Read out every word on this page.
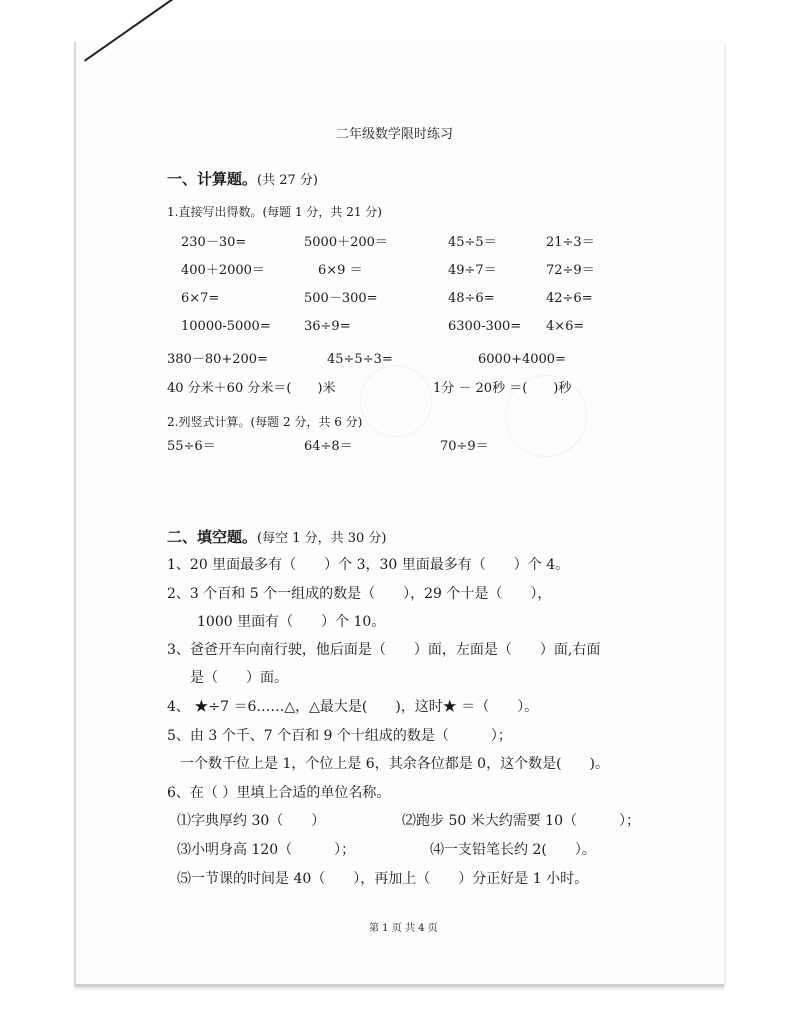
二年级数学限时练习
一、计算题。(共 27 分)
1.直接写出得数。(每题 1 分，共 21 分)
230－30=	5000＋200＝	45÷5＝	21÷3＝
400＋2000＝	6×9 ＝	49÷7＝	72÷9＝
6×7=	500－300=	48÷6=	42÷6=
10000-5000=	36÷9=	6300-300= 4×6=
380－80+200=	45÷5÷3=	6000+4000=
40 分米＋60 分米＝(　　)米	1分 － 20秒 ＝(　　)秒
2.列竖式计算。(每题 2 分，共 6 分)
55÷6＝	64÷8＝	70÷9＝
二、填空题。(每空 1 分，共 30 分)
1、20 里面最多有（　　）个 3，30 里面最多有（　　）个 4。
2、3 个百和 5 个一组成的数是（　　），29 个十是（　　），
1000 里面有（　　）个 10。
3、爸爸开车向南行驶，他后面是（　　）面，左面是（　　）面,右面
是（　　）面。
4、 ★÷7 ＝6……△，△最大是(　　)，这时★ ＝（　　）。
5、由 3 个千、7 个百和 9 个十组成的数是（　　　）；
一个数千位上是 1，个位上是 6，其余各位都是 0，这个数是(　　)。
6、在（ ）里填上合适的单位名称。
⑴字典厚约 30（　　）	⑵跑步 50 米大约需要 10（　　　）；
⑶小明身高 120（　　　）；	⑷一支铅笔长约 2(　　）。
⑸一节课的时间是 40（　　），再加上（　　）分正好是 1 小时。
第 1 页 共 4 页
